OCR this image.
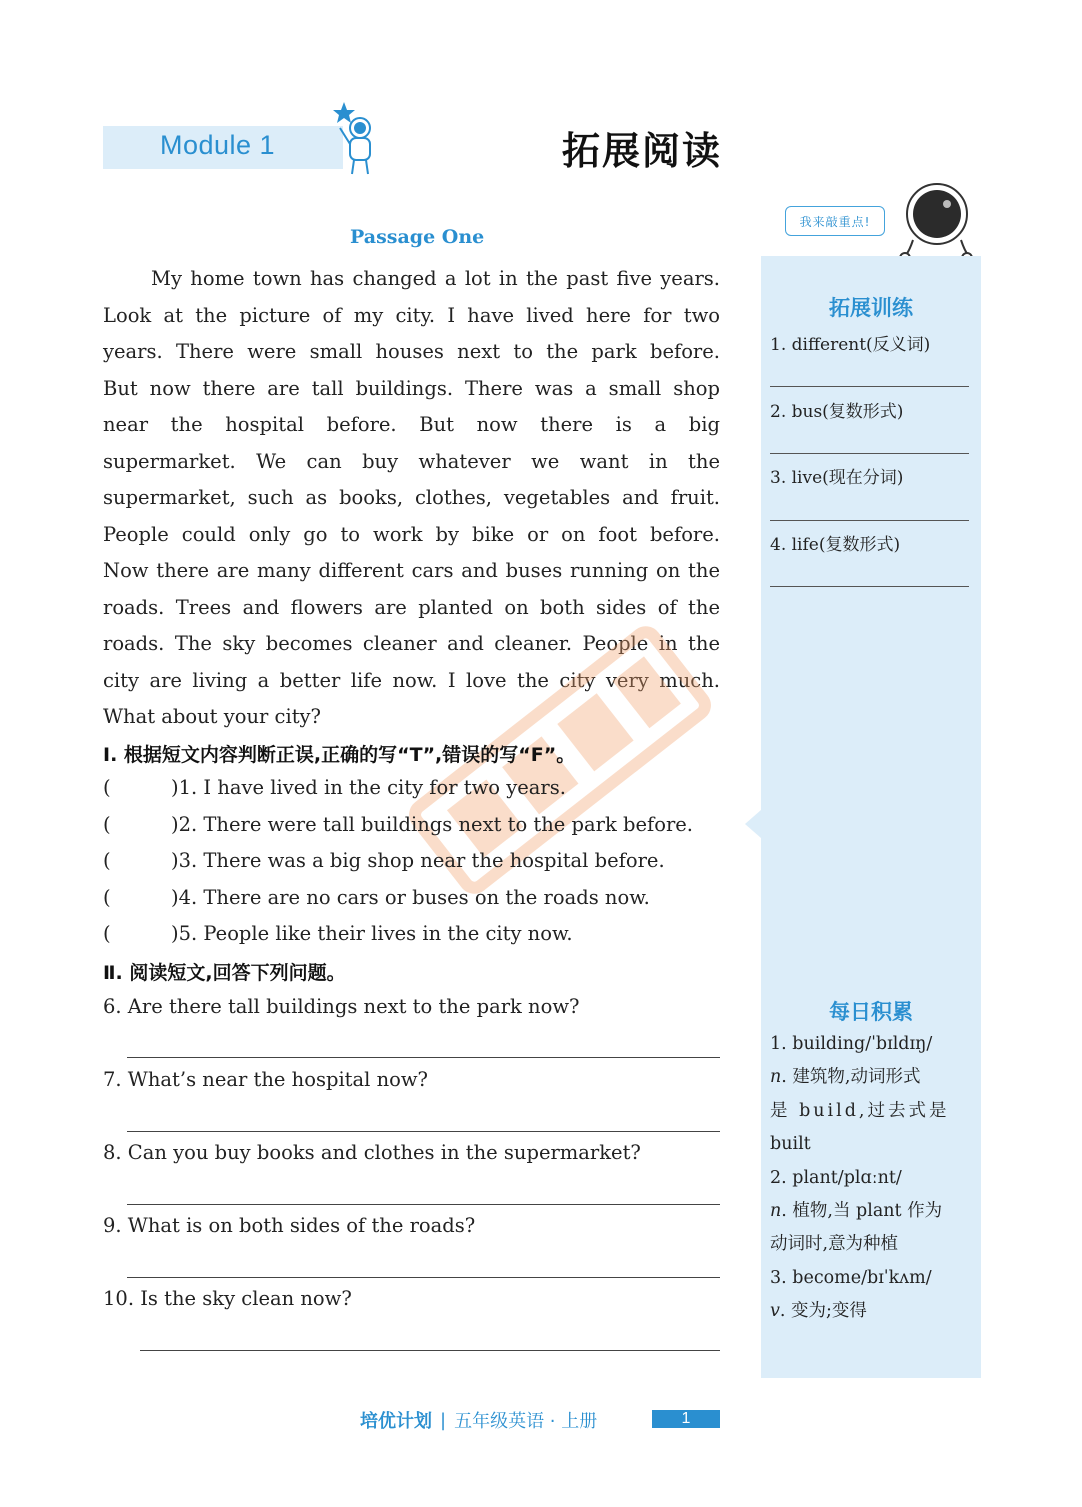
Module 1	拓展阅读
我来敲重点!
拓展训练
1. different(反义词)
2. bus(复数形式)
3. live(现在分词)
4. life(复数形式)
每日积累
1. building/ˈbɪldɪŋ/
n. 建筑物,动词形式
是 build,过去式是
built
2. plant/plɑːnt/
n. 植物,当 plant 作为
动词时,意为种植
3. become/bɪˈkʌm/
v. 变为;变得
Passage One
My home town has changed a lot in the past five years.
Look at the picture of my city. I have lived here for two
years. There were small houses next to the park before.
But now there are tall buildings. There was a small shop
near the hospital before. But now there is a big
supermarket. We can buy whatever we want in the
supermarket, such as books, clothes, vegetables and fruit.
People could only go to work by bike or on foot before.
Now there are many different cars and buses running on the
roads. Trees and flowers are planted on both sides of the
roads. The sky becomes cleaner and cleaner. People in the
city are living a better life now. I love the city very much.
What about your city?
Ⅰ. 根据短文内容判断正误,正确的写“T”,错误的写“F”。
(	)1. I have lived in the city for two years.
(	)2. There were tall buildings next to the park before.
(	)3. There was a big shop near the hospital before.
(	)4. There are no cars or buses on the roads now.
(	)5. People like their lives in the city now.
Ⅱ. 阅读短文,回答下列问题。
6. Are there tall buildings next to the park now?
7. What’s near the hospital now?
8. Can you buy books and clothes in the supermarket?
9. What is on both sides of the roads?
10. Is the sky clean now?
培优计划 | 五年级英语 · 上册	1
